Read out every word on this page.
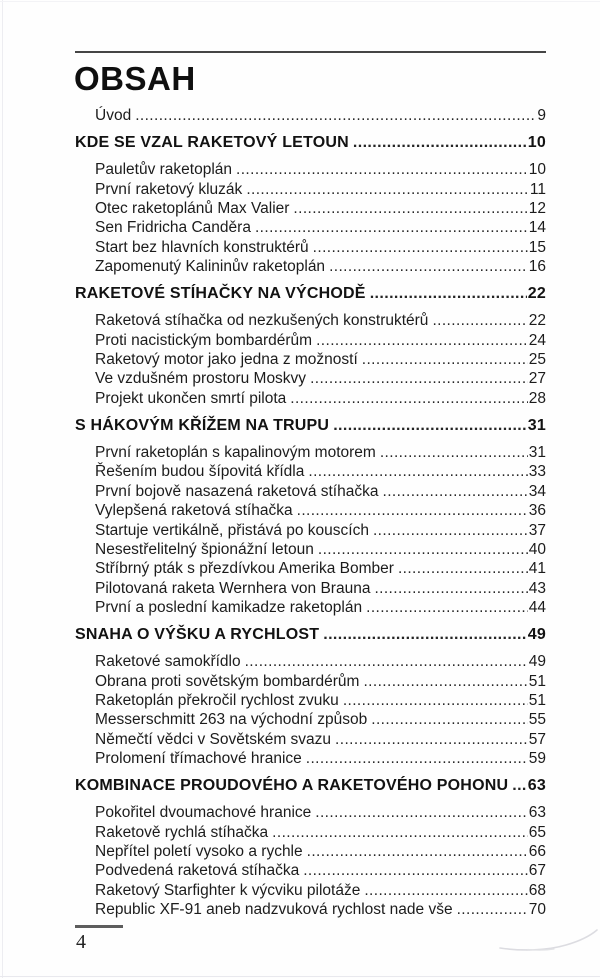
OBSAH
Úvod .....	9
KDE SE VZAL RAKETOVÝ LETOUN .....	10
Pauletův raketoplán .....	10
První raketový kluzák .....	11
Otec raketoplánů Max Valier .....	12
Sen Fridricha Canděra .....	14
Start bez hlavních konstruktérů .....	15
Zapomenutý Kalininův raketoplán .....	16
RAKETOVÉ STÍHAČKY NA VÝCHODĚ .....	22
Raketová stíhačka od nezkušených konstruktérů .....	22
Proti nacistickým bombardérům .....	24
Raketový motor jako jedna z možností .....	25
Ve vzdušném prostoru Moskvy .....	27
Projekt ukončen smrtí pilota .....	28
S HÁKOVÝM KŘÍŽEM NA TRUPU .....	31
První raketoplán s kapalinovým motorem .....	31
Řešením budou šípovitá křídla .....	33
První bojově nasazená raketová stíhačka .....	34
Vylepšená raketová stíhačka .....	36
Startuje vertikálně, přistává po kouscích .....	37
Nesestřelitelný špionážní letoun .....	40
Stříbrný pták s přezdívkou Amerika Bomber .....	41
Pilotovaná raketa Wernhera von Brauna .....	43
První a poslední kamikadze raketoplán .....	44
SNAHA O VÝŠKU A RYCHLOST .....	49
Raketové samokřídlo .....	49
Obrana proti sovětským bombardérům .....	51
Raketoplán překročil rychlost zvuku .....	51
Messerschmitt 263 na východní způsob .....	55
Němečtí vědci v Sovětském svazu .....	57
Prolomení třímachové hranice .....	59
KOMBINACE PROUDOVÉHO A RAKETOVÉHO POHONU ..... 63
Pokořitel dvoumachové hranice .....	63
Raketově rychlá stíhačka .....	65
Nepřítel poletí vysoko a rychle .....	66
Podvedená raketová stíhačka .....	67
Raketový Starfighter k výcviku pilotáže .....	68
Republic XF-91 aneb nadzvuková rychlost nade vše .....	70
4
